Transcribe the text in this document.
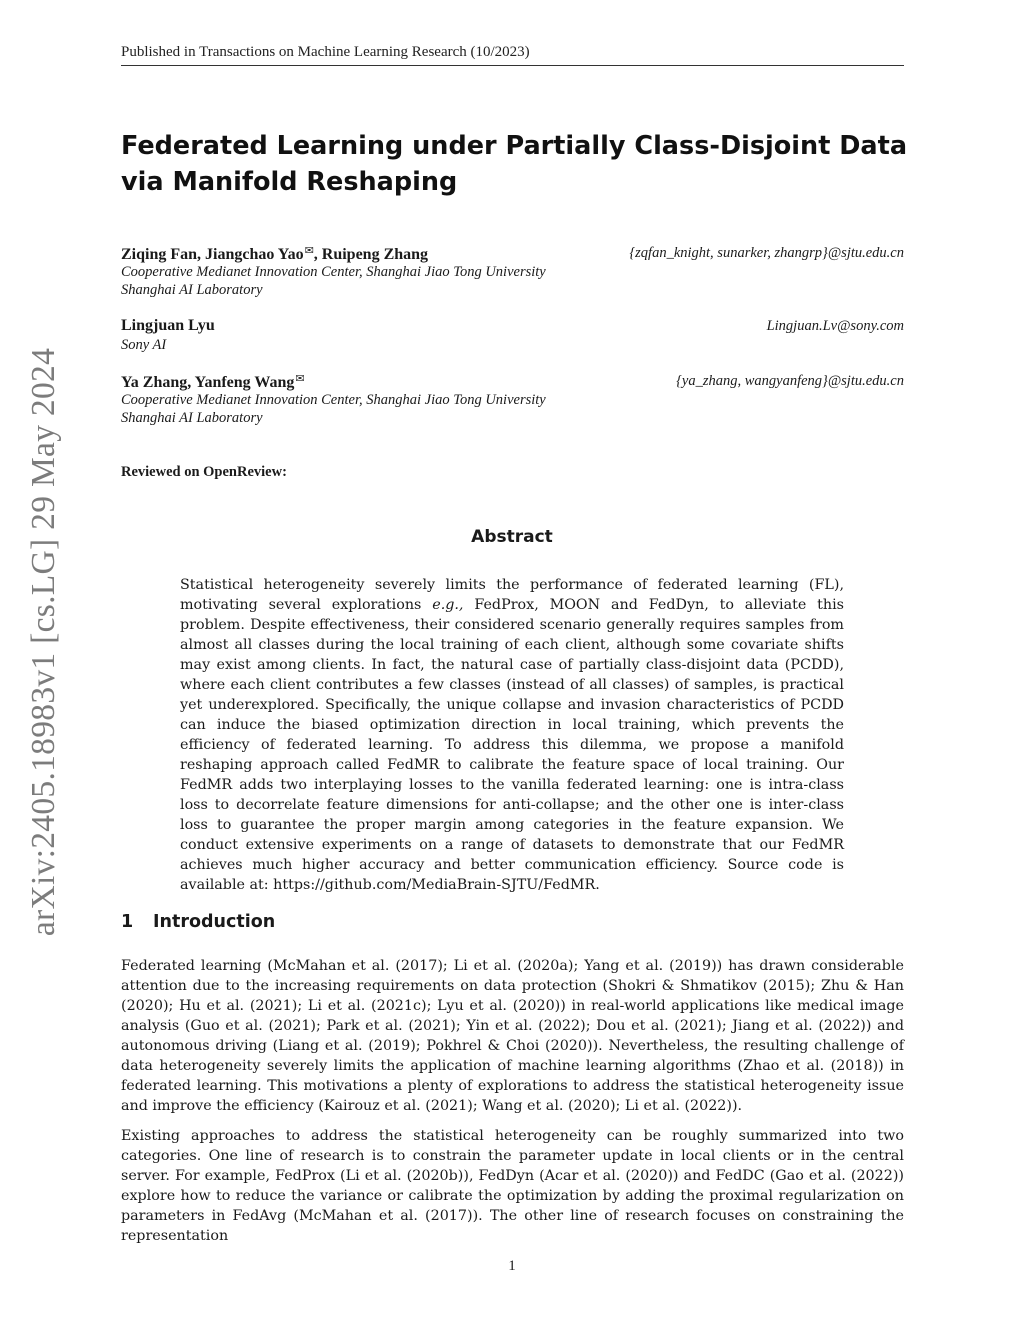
Published in Transactions on Machine Learning Research (10/2023)
arXiv:2405.18983v1 [cs.LG] 29 May 2024
Federated Learning under Partially Class-Disjoint Data via Manifold Reshaping
Ziqing Fan, Jiangchao Yao✉, Ruipeng Zhang	{zqfan_knight, sunarker, zhangrp}@sjtu.edu.cn
Cooperative Medianet Innovation Center, Shanghai Jiao Tong University
Shanghai AI Laboratory
Lingjuan Lyu	Lingjuan.Lv@sony.com
Sony AI
Ya Zhang, Yanfeng Wang✉	{ya_zhang, wangyanfeng}@sjtu.edu.cn
Cooperative Medianet Innovation Center, Shanghai Jiao Tong University
Shanghai AI Laboratory
Reviewed on OpenReview:
Abstract

Statistical heterogeneity severely limits the performance of federated learning (FL), motivating several explorations e.g., FedProx, MOON and FedDyn, to alleviate this problem. Despite effectiveness, their considered scenario generally requires samples from almost all classes during the local training of each client, although some covariate shifts may exist among clients. In fact, the natural case of partially class-disjoint data (PCDD), where each client contributes a few classes (instead of all classes) of samples, is practical yet underexplored. Specifically, the unique collapse and invasion characteristics of PCDD can induce the biased optimization direction in local training, which prevents the efficiency of federated learning. To address this dilemma, we propose a manifold reshaping approach called FedMR to calibrate the feature space of local training. Our FedMR adds two interplaying losses to the vanilla federated learning: one is intra-class loss to decorrelate feature dimensions for anti-collapse; and the other one is inter-class loss to guarantee the proper margin among categories in the feature expansion. We conduct extensive experiments on a range of datasets to demonstrate that our FedMR achieves much higher accuracy and better communication efficiency. Source code is available at: https://github.com/MediaBrain-SJTU/FedMR.

1 Introduction

Federated learning (McMahan et al. (2017); Li et al. (2020a); Yang et al. (2019)) has drawn considerable attention due to the increasing requirements on data protection (Shokri & Shmatikov (2015); Zhu & Han (2020); Hu et al. (2021); Li et al. (2021c); Lyu et al. (2020)) in real-world applications like medical image analysis (Guo et al. (2021); Park et al. (2021); Yin et al. (2022); Dou et al. (2021); Jiang et al. (2022)) and autonomous driving (Liang et al. (2019); Pokhrel & Choi (2020)). Nevertheless, the resulting challenge of data heterogeneity severely limits the application of machine learning algorithms (Zhao et al. (2018)) in federated learning. This motivations a plenty of explorations to address the statistical heterogeneity issue and improve the efficiency (Kairouz et al. (2021); Wang et al. (2020); Li et al. (2022)).

Existing approaches to address the statistical heterogeneity can be roughly summarized into two categories. One line of research is to constrain the parameter update in local clients or in the central server. For example, FedProx (Li et al. (2020b)), FedDyn (Acar et al. (2020)) and FedDC (Gao et al. (2022)) explore how to reduce the variance or calibrate the optimization by adding the proximal regularization on parameters in FedAvg (McMahan et al. (2017)). The other line of research focuses on constraining the representation

1
